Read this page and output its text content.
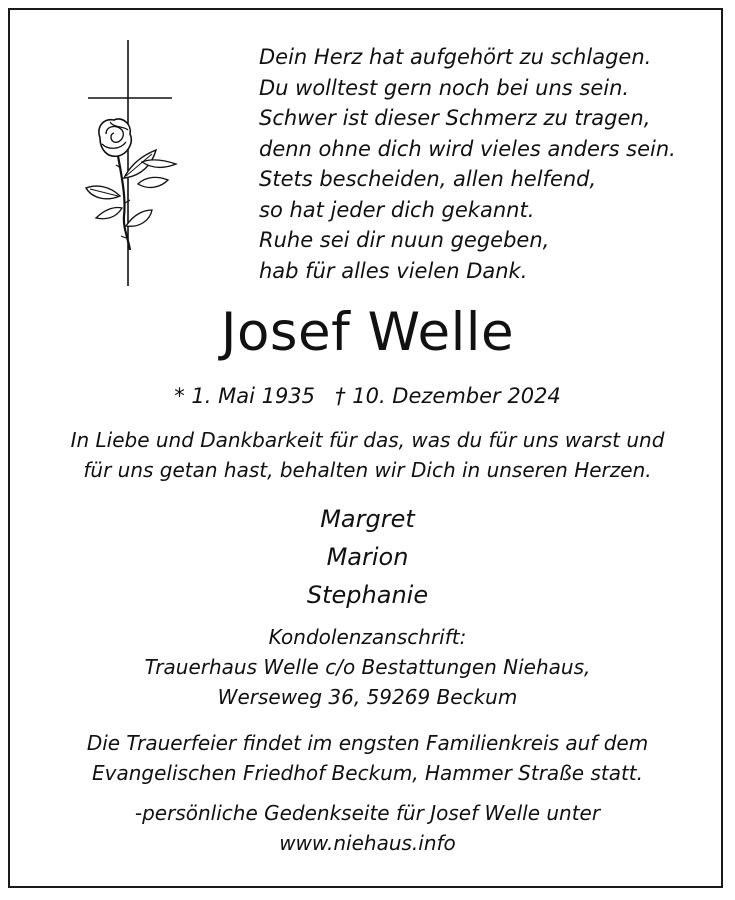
Dein Herz hat aufgehört zu schlagen.
Du wolltest gern noch bei uns sein.
Schwer ist dieser Schmerz zu tragen,
denn ohne dich wird vieles anders sein.
Stets bescheiden, allen helfend,
so hat jeder dich gekannt.
Ruhe sei dir nuun gegeben,
hab für alles vielen Dank.
Josef Welle
* 1. Mai 1935   † 10. Dezember 2024
In Liebe und Dankbarkeit für das, was du für uns warst und
für uns getan hast, behalten wir Dich in unseren Herzen.
Margret
Marion
Stephanie
Kondolenzanschrift:
Trauerhaus Welle c/o Bestattungen Niehaus,
Werseweg 36, 59269 Beckum
Die Trauerfeier findet im engsten Familienkreis auf dem
Evangelischen Friedhof Beckum, Hammer Straße statt.
-persönliche Gedenkseite für Josef Welle unter
www.niehaus.info
